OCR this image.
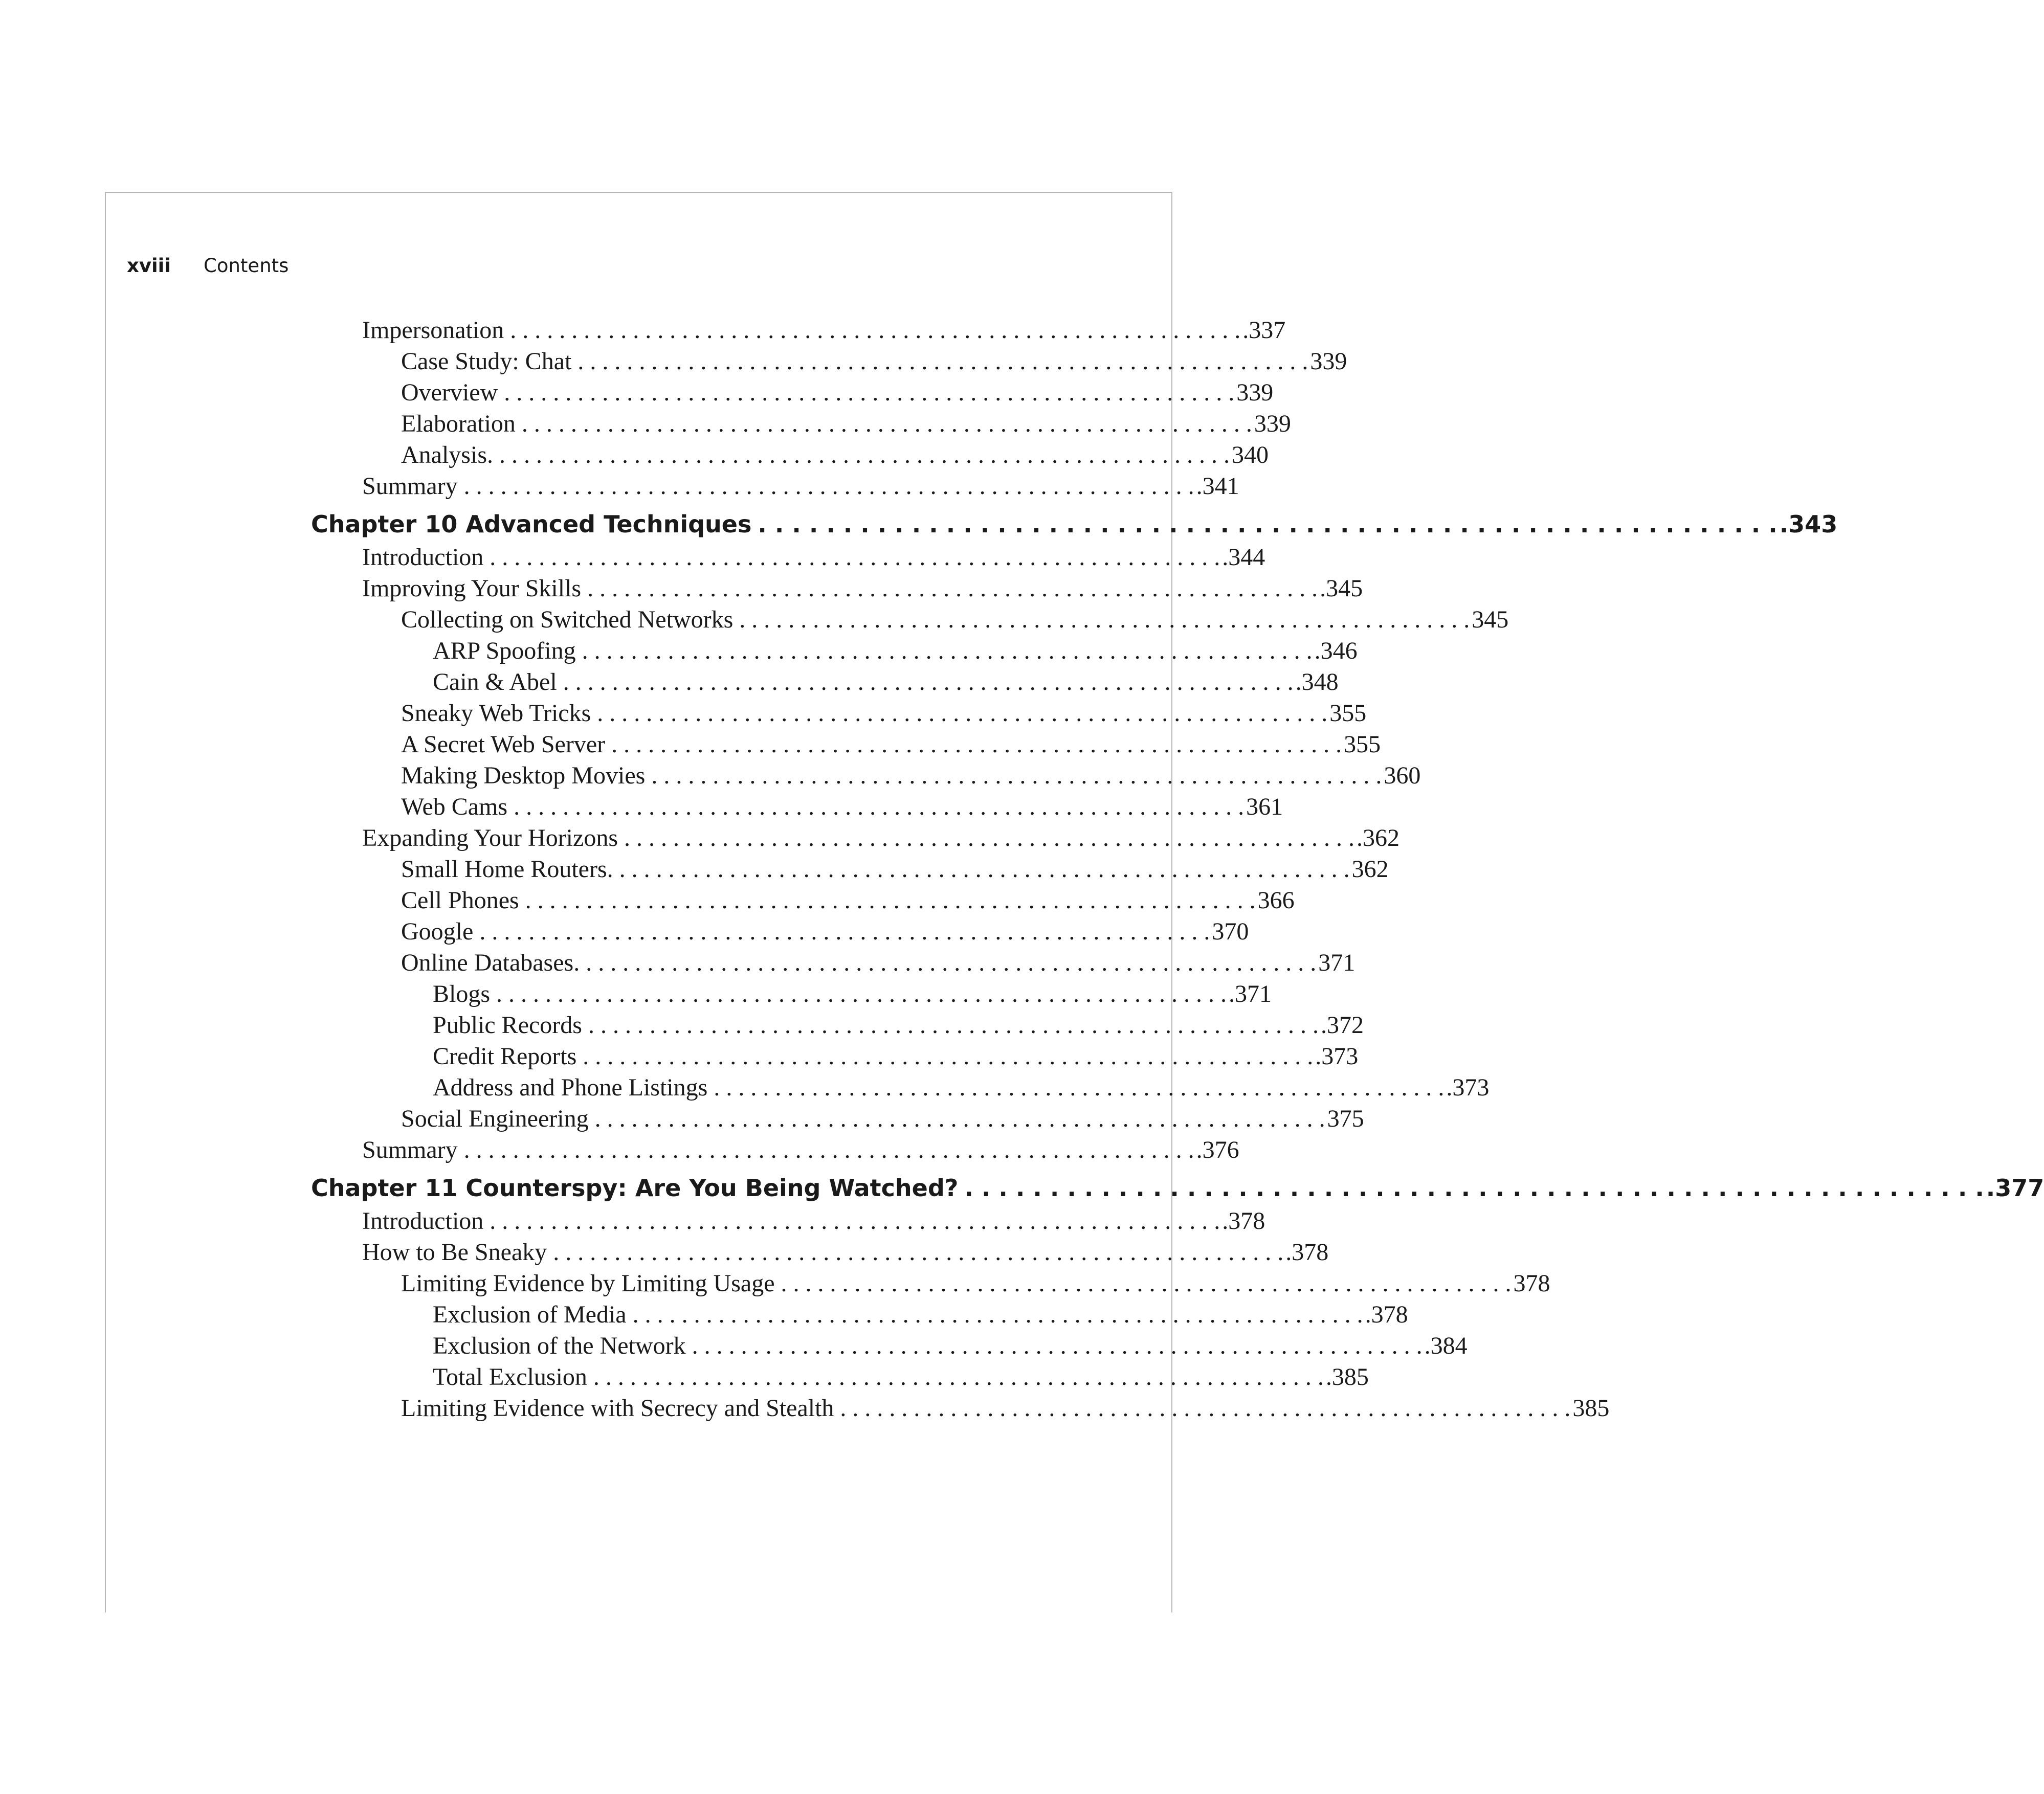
xviii Contents
Impersonation . . .	.337
Case Study: Chat . . .	339
Overview . . .	339
Elaboration . . .	339
Analysis. . . .	340
Summary . . .	.341
Chapter 10 Advanced Techniques . . .	.343
Introduction . . .	.344
Improving Your Skills . . .	.345
Collecting on Switched Networks . . .	345
ARP Spoofing . . .	.346
Cain & Abel . . .	.348
Sneaky Web Tricks . . .	355
A Secret Web Server . . .	355
Making Desktop Movies . . .	360
Web Cams . . .	361
Expanding Your Horizons . . .	.362
Small Home Routers. . . .	362
Cell Phones . . .	366
Google . . .	370
Online Databases. . . .	371
Blogs . . .	.371
Public Records . . .	.372
Credit Reports . . .	.373
Address and Phone Listings . . .	.373
Social Engineering . . .	375
Summary . . .	.376
Chapter 11 Counterspy: Are You Being Watched? . . .	.377
Introduction . . .	.378
How to Be Sneaky . . .	.378
Limiting Evidence by Limiting Usage . . .	378
Exclusion of Media . . .	.378
Exclusion of the Network . . .	.384
Total Exclusion . . .	.385
Limiting Evidence with Secrecy and Stealth . . .	385
